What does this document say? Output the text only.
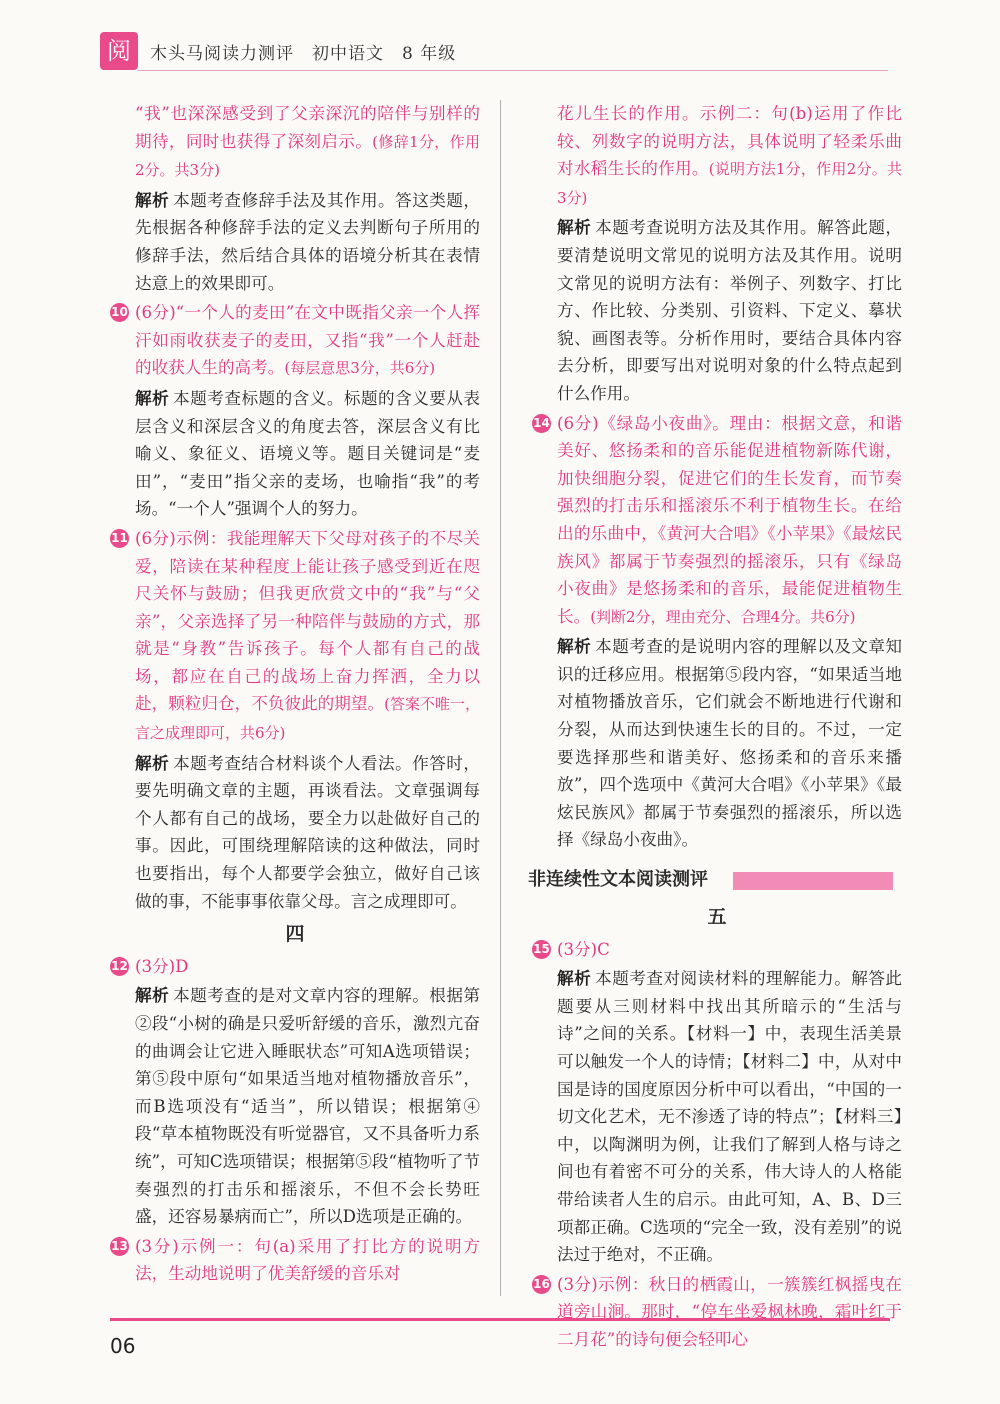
阅	木头马阅读力测评　初中语文　8 年级
“我”也深深感受到了父亲深沉的陪伴与别样的期待，同时也获得了深刻启示。(修辞1分，作用2分。共3分)
解析 本题考查修辞手法及其作用。答这类题，先根据各种修辞手法的定义去判断句子所用的修辞手法，然后结合具体的语境分析其在表情达意上的效果即可。
10 (6分)“一个人的麦田”在文中既指父亲一个人挥汗如雨收获麦子的麦田，又指“我”一个人赶赴的收获人生的高考。(每层意思3分，共6分)
解析 本题考查标题的含义。标题的含义要从表层含义和深层含义的角度去答，深层含义有比喻义、象征义、语境义等。题目关键词是“麦田”，“麦田”指父亲的麦场，也喻指“我”的考场。“一个人”强调个人的努力。
11 (6分)示例：我能理解天下父母对孩子的不尽关爱，陪读在某种程度上能让孩子感受到近在咫尺关怀与鼓励；但我更欣赏文中的“我”与“父亲”，父亲选择了另一种陪伴与鼓励的方式，那就是“身教”告诉孩子。每个人都有自己的战场，都应在自己的战场上奋力挥洒，全力以赴，颗粒归仓，不负彼此的期望。(答案不唯一，言之成理即可，共6分)
解析 本题考查结合材料谈个人看法。作答时，要先明确文章的主题，再谈看法。文章强调每个人都有自己的战场，要全力以赴做好自己的事。因此，可围绕理解陪读的这种做法，同时也要指出，每个人都要学会独立，做好自己该做的事，不能事事依靠父母。言之成理即可。
四
12 (3分)D
解析 本题考查的是对文章内容的理解。根据第②段“小树的确是只爱听舒缓的音乐，激烈亢奋的曲调会让它进入睡眠状态”可知A选项错误；第⑤段中原句“如果适当地对植物播放音乐”，而B选项没有“适当”，所以错误；根据第④段“草本植物既没有听觉器官，又不具备听力系统”，可知C选项错误；根据第⑤段“植物听了节奏强烈的打击乐和摇滚乐，不但不会长势旺盛，还容易暴病而亡”，所以D选项是正确的。
13 (3分)示例一：句(a)采用了打比方的说明方法，生动地说明了优美舒缓的音乐对
花儿生长的作用。示例二：句(b)运用了作比较、列数字的说明方法，具体说明了轻柔乐曲对水稻生长的作用。(说明方法1分，作用2分。共3分)
解析 本题考查说明方法及其作用。解答此题，要清楚说明文常见的说明方法及其作用。说明文常见的说明方法有：举例子、列数字、打比方、作比较、分类别、引资料、下定义、摹状貌、画图表等。分析作用时，要结合具体内容去分析，即要写出对说明对象的什么特点起到什么作用。
14 (6分)《绿岛小夜曲》。理由：根据文意，和谐美好、悠扬柔和的音乐能促进植物新陈代谢，加快细胞分裂，促进它们的生长发育，而节奏强烈的打击乐和摇滚乐不利于植物生长。在给出的乐曲中，《黄河大合唱》《小苹果》《最炫民族风》都属于节奏强烈的摇滚乐，只有《绿岛小夜曲》是悠扬柔和的音乐，最能促进植物生长。(判断2分，理由充分、合理4分。共6分)
解析 本题考查的是说明内容的理解以及文章知识的迁移应用。根据第⑤段内容，“如果适当地对植物播放音乐，它们就会不断地进行代谢和分裂，从而达到快速生长的目的。不过，一定要选择那些和谐美好、悠扬柔和的音乐来播放”，四个选项中《黄河大合唱》《小苹果》《最炫民族风》都属于节奏强烈的摇滚乐，所以选择《绿岛小夜曲》。
非连续性文本阅读测评
五
15 (3分)C
解析 本题考查对阅读材料的理解能力。解答此题要从三则材料中找出其所暗示的“生活与诗”之间的关系。【材料一】中，表现生活美景可以触发一个人的诗情；【材料二】中，从对中国是诗的国度原因分析中可以看出，“中国的一切文化艺术，无不渗透了诗的特点”；【材料三】中，以陶渊明为例，让我们了解到人格与诗之间也有着密不可分的关系，伟大诗人的人格能带给读者人生的启示。由此可知，A、B、D三项都正确。C选项的“完全一致，没有差别”的说法过于绝对，不正确。
16 (3分)示例：秋日的栖霞山，一簇簇红枫摇曳在道旁山涧。那时，“停车坐爱枫林晚，霜叶红于二月花”的诗句便会轻叩心
06
